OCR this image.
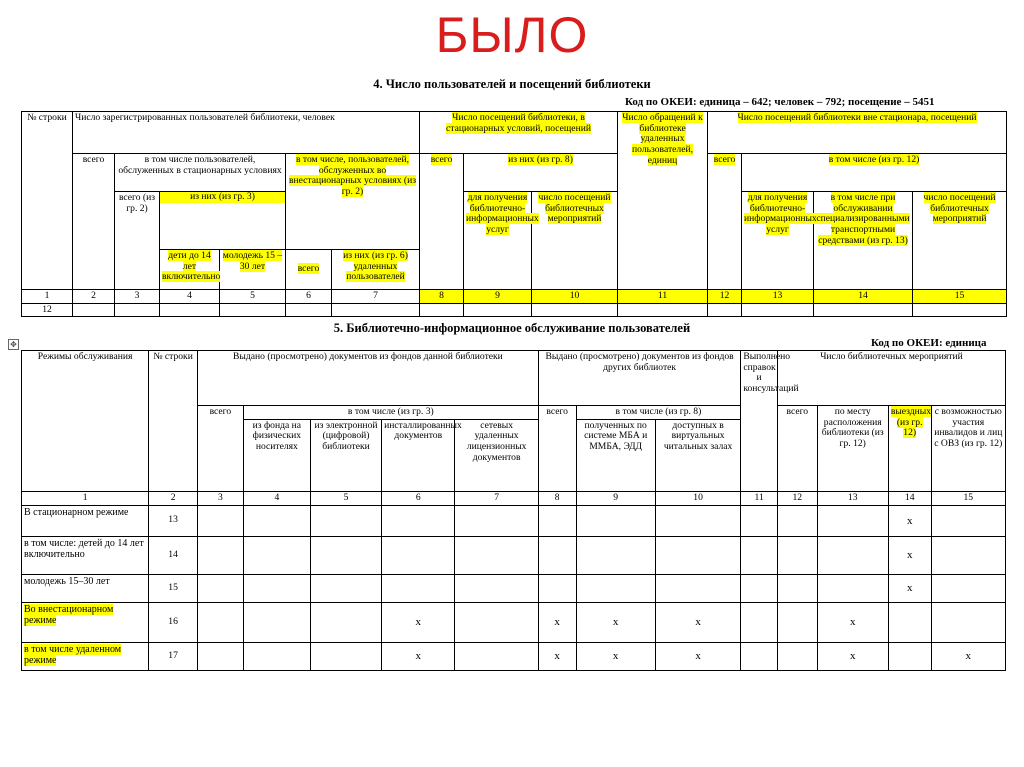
БЫЛО
4. Число пользователей и посещений библиотеки
Код по ОКЕИ: единица – 642; человек – 792; посещение – 5451
№ строки	Число зарегистрированных пользователей библиотеки, человек						Число посещений библиотеки, в стационарных условий, посещений			Число обращений к библиотеке удаленных пользователей, единиц	Число посещений библиотеки вне стационара, посещений			
	всего	в том числе пользователей, обслуженных в стационарных условиях			в том числе, пользователей, обслуженных во внестационарных условиях (из гр. 2)		всего	из них (из гр. 8)			всего	в том числе (из гр. 12)		
		всего (из гр. 2)	из них (из гр. 3)					для получения библиотечно-информационных услуг	число посещений библиотечных мероприятий			для получения библиотечно-информационных услуг	в том числе при обслуживании специализированными транспортными средствами (из гр. 13)	число посещений библиотечных мероприятий
			дети до 14 лет включительно	молодежь 15 – 30 лет	всего	из них (из гр. 6) удаленных пользователей								
1	2	3	4	5	6	7	8	9	10	11	12	13	14	15
12														
5. Библиотечно-информационное обслуживание пользователей
✥	Код по ОКЕИ: единица
Режимы обслуживания	№ строки	Выдано (просмотрено) документов из фондов данной библиотеки					Выдано (просмотрено) документов из фондов других библиотек			Выполнено справок и консультаций	Число библиотечных мероприятий			
		всего	в том числе (из гр. 3)				всего	в том числе (из гр. 8)			всего	по месту расположения библиотеки (из гр. 12)	выездных (из гр. 12)	с возможностью участия инвалидов и лиц с ОВЗ (из гр. 12)
			из фонда на физических носителях	из электронной (цифровой) библиотеки	инсталлированных документов	сетевых удаленных лицензионных документов		полученных по системе МБА и ММБА, ЭДД	доступных в виртуальных читальных залах					
1	2	3	4	5	6	7	8	9	10	11	12	13	14	15
В стационарном режиме	13												х	
в том числе: детей до 14 лет включительно	14												х	
молодежь 15–30 лет	15												х	
Во внестационарном режиме	16				х		х	х	х			х		
в том числе удаленном режиме	17				х		х	х	х			х		х
